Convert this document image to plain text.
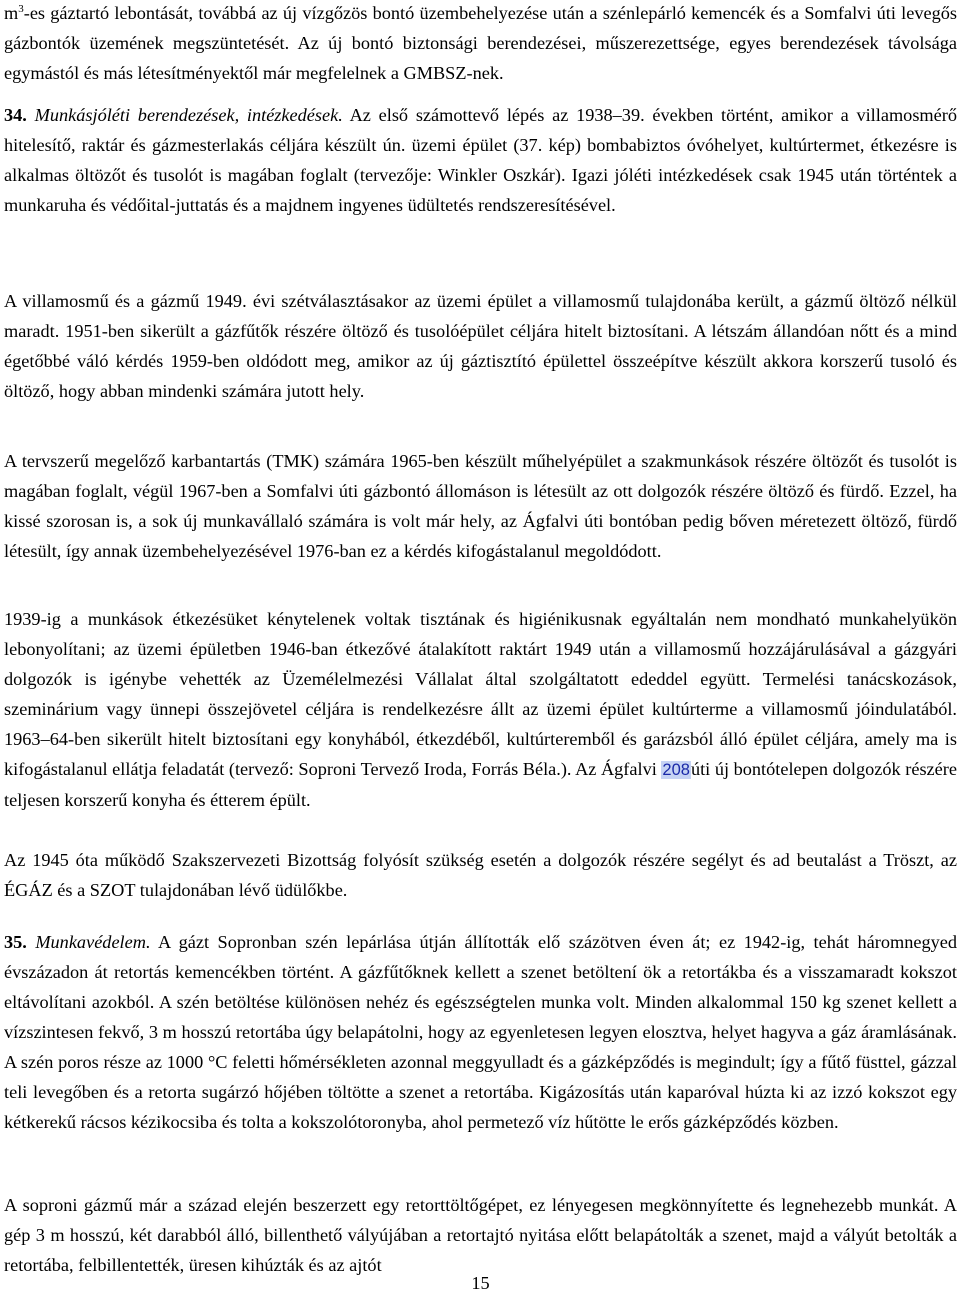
$m^3-es$ gáztartó lebontását, továbbá az új vízgőzös bontó üzembehelyezése után a szénlepárló kemencék és a Somfalvi úti levegős gázbontók üzemének megszüntetését. Az új bontó biztonsági berendezései, műszerezettsége, egyes berendezések távolsága egymástól és más létesítményektől már megfelelnek a GMBSZ-nek.

34. Munkásjóléti berendezések, intézkedések. Az első számottevő lépés az 1938–39. években történt, amikor a villamosmérő hitelesítő, raktár és gázmesterlakás céljára készült ún. üzemi épület (37. kép) bombabiztos óvóhelyet, kultúrtermet, étkezésre is alkalmas öltözőt és tusolót is magában foglalt (tervezője: Winkler Oszkár). Igazi jóléti intézkedések csak 1945 után történtek a munkaruha és védőital-juttatás és a majdnem ingyenes üdültetés rendszeresítésével.

A villamosmű és a gázmű 1949. évi szétválasztásakor az üzemi épület a villamosmű tulajdonába került, a gázmű öltöző nélkül maradt. 1951-ben sikerült a gázfűtők részére öltöző és tusolóépület céljára hitelt biztosítani. A létszám állandóan nőtt és a mind égetőbbé váló kérdés 1959-ben oldódott meg, amikor az új gáztisztító épülettel összeépítve készült akkora korszerű tusoló és öltöző, hogy abban mindenki számára jutott hely.

A tervszerű megelőző karbantartás (TMK) számára 1965-ben készült műhelyépület a szakmunkások részére öltözőt és tusolót is magában foglalt, végül 1967-ben a Somfalvi úti gázbontó állomáson is létesült az ott dolgozók részére öltöző és fürdő. Ezzel, ha kissé szorosan is, a sok új munkavállaló számára is volt már hely, az Ágfalvi úti bontóban pedig bőven méretezett öltöző, fürdő létesült, így annak üzembehelyezésével 1976-ban ez a kérdés kifogástalanul megoldódott.

1939-ig a munkások étkezésüket kénytelenek voltak tisztának és higiénikusnak egyáltalán nem mondható munkahelyükön lebonyolítani; az üzemi épületben 1946-ban étkezővé átalakított raktárt 1949 után a villamosmű hozzájárulásával a gázgyári dolgozók is igénybe vehették az Üzemélelmezési Vállalat által szolgáltatott ededdel együtt. Termelési tanácskozások, szeminárium vagy ünnepi összejövetel céljára is rendelkezésre állt az üzemi épület kultúrterme a villamosmű jóindulatából. 1963–64-ben sikerült hitelt biztosítani egy konyhából, étkezdéből, kultúrteremből és garázsból álló épület céljára, amely ma is kifogástalanul ellátja feladatát (tervező: Soproni Tervező Iroda, Forrás Béla.). Az Ágfalvi 208úti új bontótelepen dolgozók részére teljesen korszerű konyha és étterem épült.

Az 1945 óta működő Szakszervezeti Bizottság folyósít szükség esetén a dolgozók részére segélyt és ad beutalást a Tröszt, az ÉGÁZ és a SZOT tulajdonában lévő üdülőkbe.

35. Munkavédelem. A gázt Sopronban szén lepárlása útján állították elő százötven éven át; ez 1942-ig, tehát háromnegyed évszázadon át retortás kemencékben történt. A gázfűtőknek kellett a szenet betöltení ök a retortákba és a visszamaradt kokszot eltávolítani azokból. A szén betöltése különösen nehéz és egészségtelen munka volt. Minden alkalommal 150 kg szenet kellett a vízszintesen fekvő, 3 m hosszú retortába úgy belapátolni, hogy az egyenletesen legyen elosztva, helyet hagyva a gáz áramlásának. A szén poros része az 1000 °C feletti hőmérsékleten azonnal meggyulladt és a gázképződés is megindult; így a fűtő füsttel, gázzal teli levegőben és a retorta sugárzó hőjében töltötte a szenet a retortába. Kigázosítás után kaparóval húzta ki az izzó kokszot egy kétkerekű rácsos kézikocsiba és tolta a kokszolótoronyba, ahol permetező víz hűtötte le erős gázképződés közben.

A soproni gázmű már a század elején beszerzett egy retorttöltőgépet, ez lényegesen megkönnyítette és legnehezebb munkát. A gép 3 m hosszú, két darabból álló, billenthető vályújában a retortajtó nyitása előtt belapátolták a szenet, majd a vályút betolták a retortába, felbillentették, üresen kihúzták és az ajtót

15
